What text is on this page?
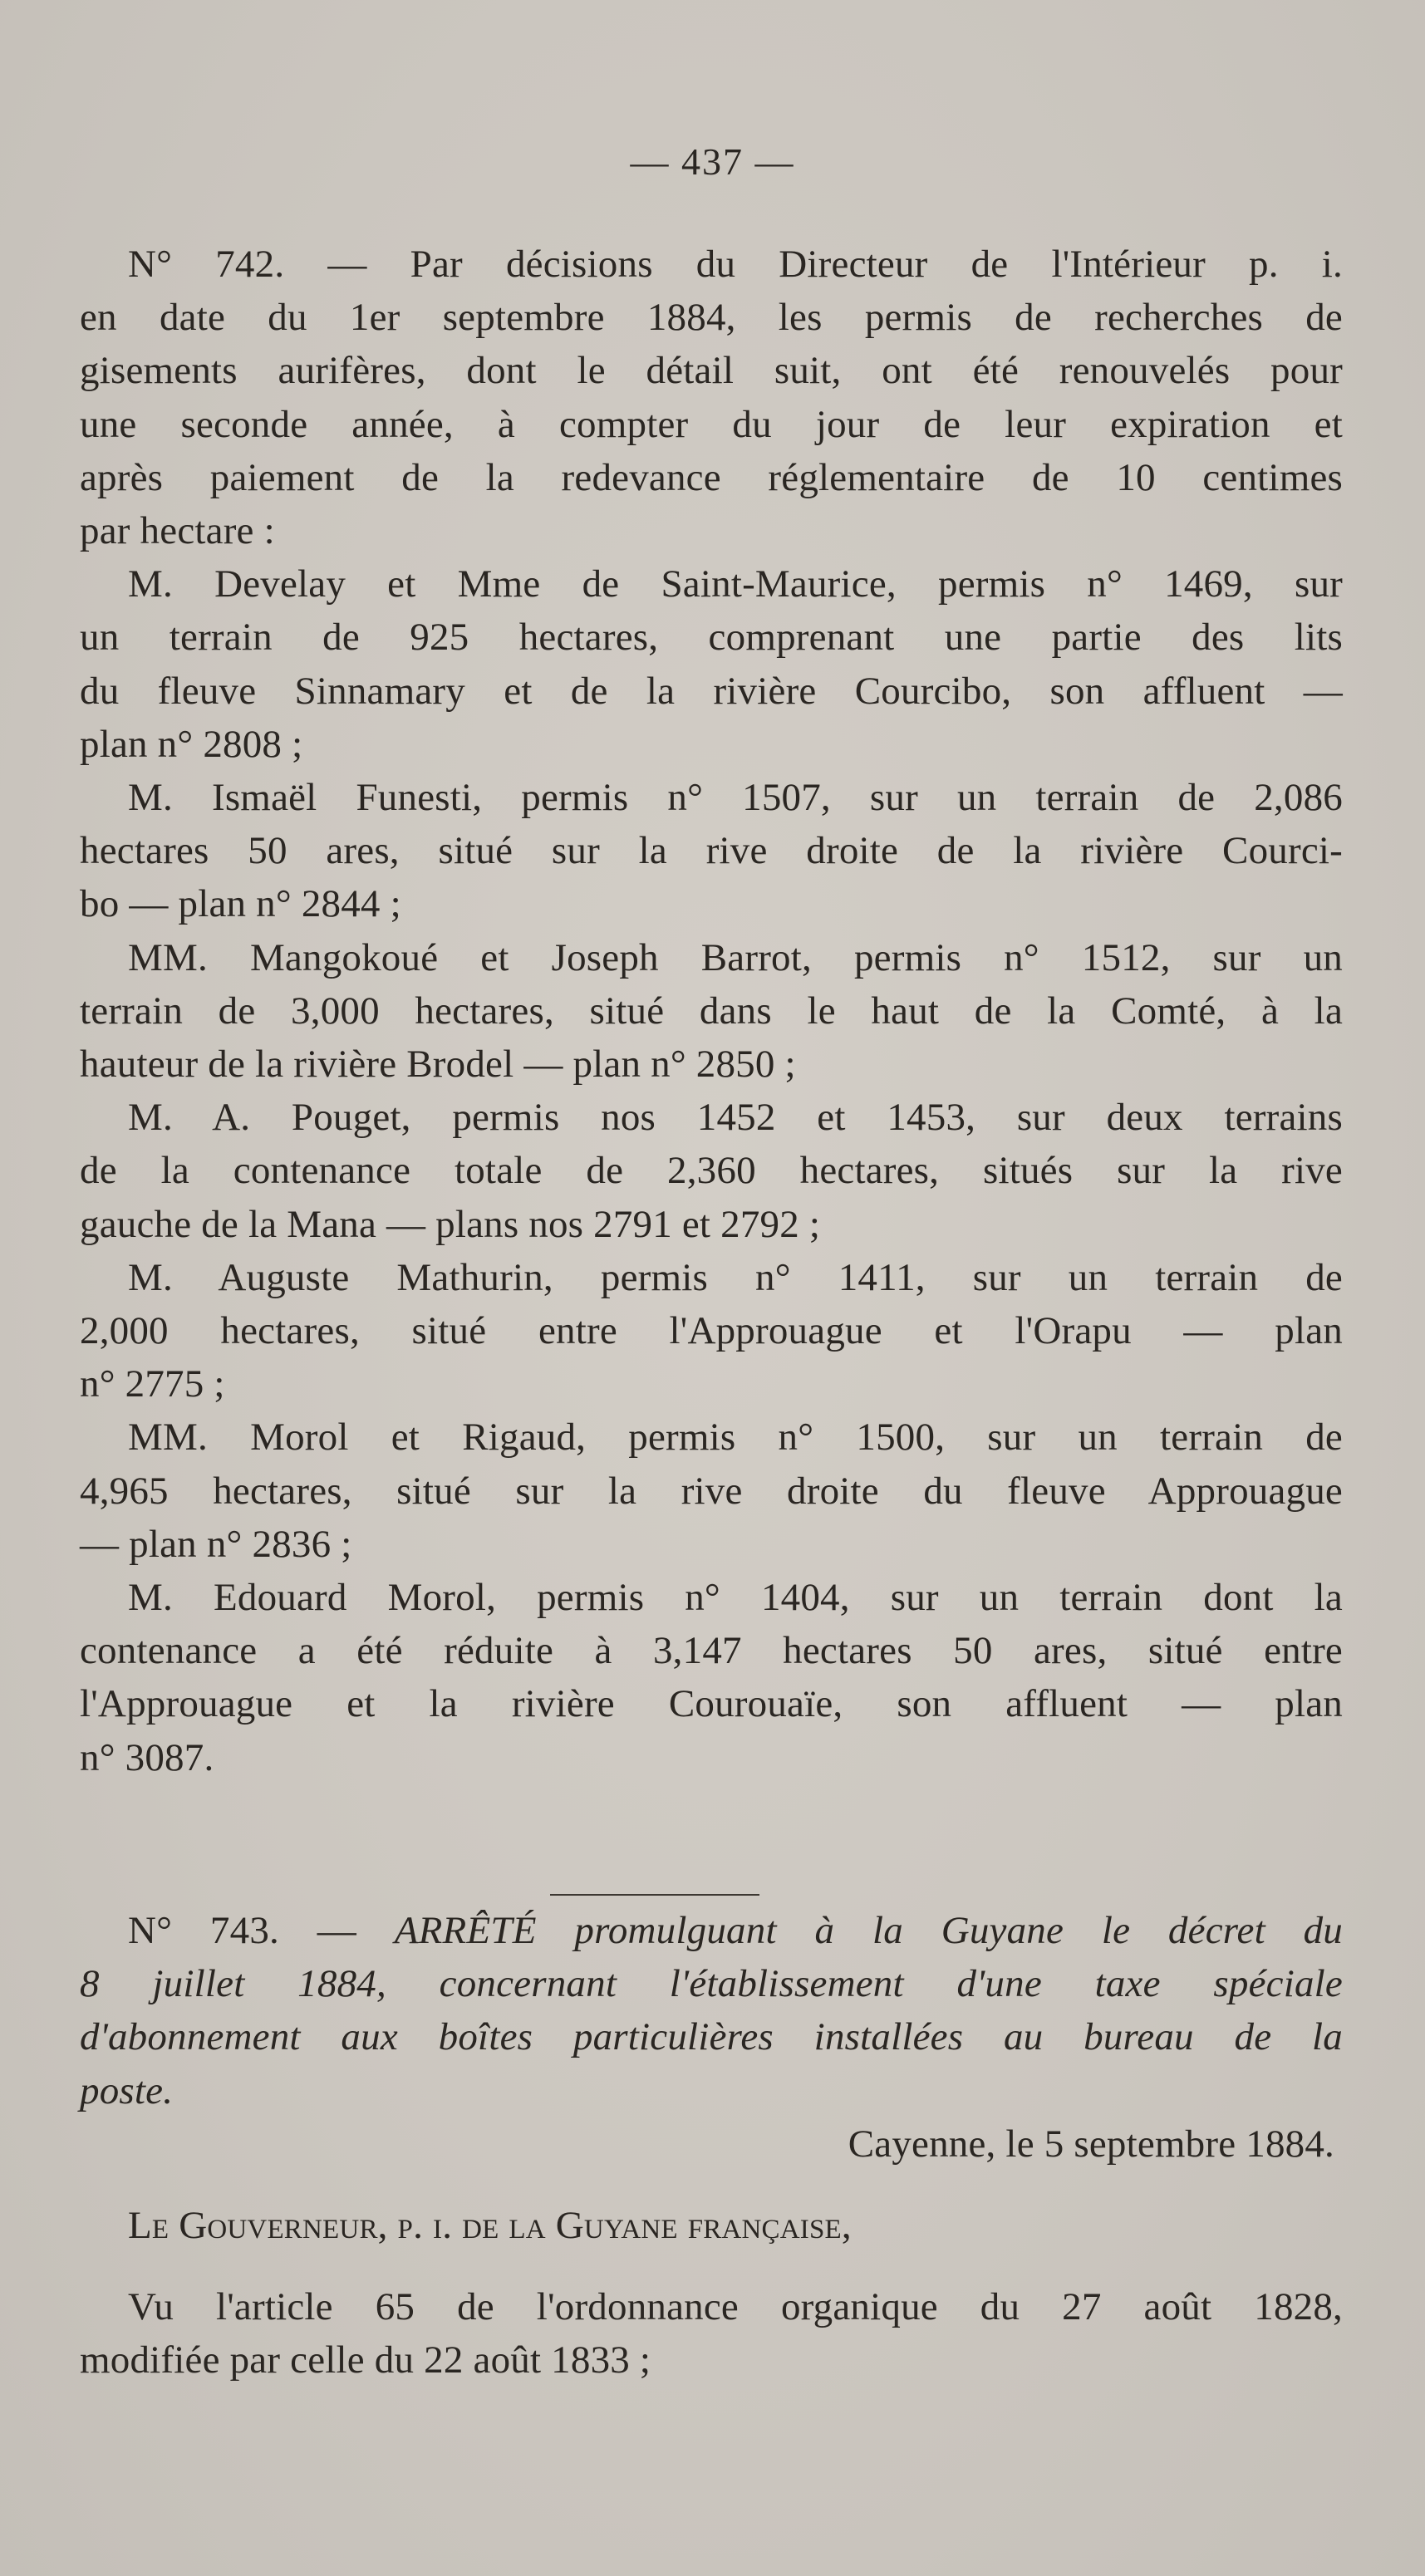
— 437 —
N° 742. — Par décisions du Directeur de l'Intérieur p. i.
en date du 1er septembre 1884, les permis de recherches de
gisements aurifères, dont le détail suit, ont été renouvelés pour
une seconde année, à compter du jour de leur expiration et
après paiement de la redevance réglementaire de 10 centimes
par hectare :
M. Develay et Mme de Saint-Maurice, permis n° 1469, sur
un terrain de 925 hectares, comprenant une partie des lits
du fleuve Sinnamary et de la rivière Courcibo, son affluent —
plan n° 2808 ;
M. Ismaël Funesti, permis n° 1507, sur un terrain de 2,086
hectares 50 ares, situé sur la rive droite de la rivière Courci-
bo — plan n° 2844 ;
MM. Mangokoué et Joseph Barrot, permis n° 1512, sur un
terrain de 3,000 hectares, situé dans le haut de la Comté, à la
hauteur de la rivière Brodel — plan n° 2850 ;
M. A. Pouget, permis nos 1452 et 1453, sur deux terrains
de la contenance totale de 2,360 hectares, situés sur la rive
gauche de la Mana — plans nos 2791 et 2792 ;
M. Auguste Mathurin, permis n° 1411, sur un terrain de
2,000 hectares, situé entre l'Approuague et l'Orapu — plan
n° 2775 ;
MM. Morol et Rigaud, permis n° 1500, sur un terrain de
4,965 hectares, situé sur la rive droite du fleuve Approuague
— plan n° 2836 ;
M. Edouard Morol, permis n° 1404, sur un terrain dont la
contenance a été réduite à 3,147 hectares 50 ares, situé entre
l'Approuague et la rivière Courouaïe, son affluent — plan
n° 3087.
N° 743. — ARRÊTÉ promulguant à la Guyane le décret du
8 juillet 1884, concernant l'établissement d'une taxe spéciale
d'abonnement aux boîtes particulières installées au bureau de la
poste.
Cayenne, le 5 septembre 1884.
Le Gouverneur, p. i. de la Guyane française,
Vu l'article 65 de l'ordonnance organique du 27 août 1828,
modifiée par celle du 22 août 1833 ;
